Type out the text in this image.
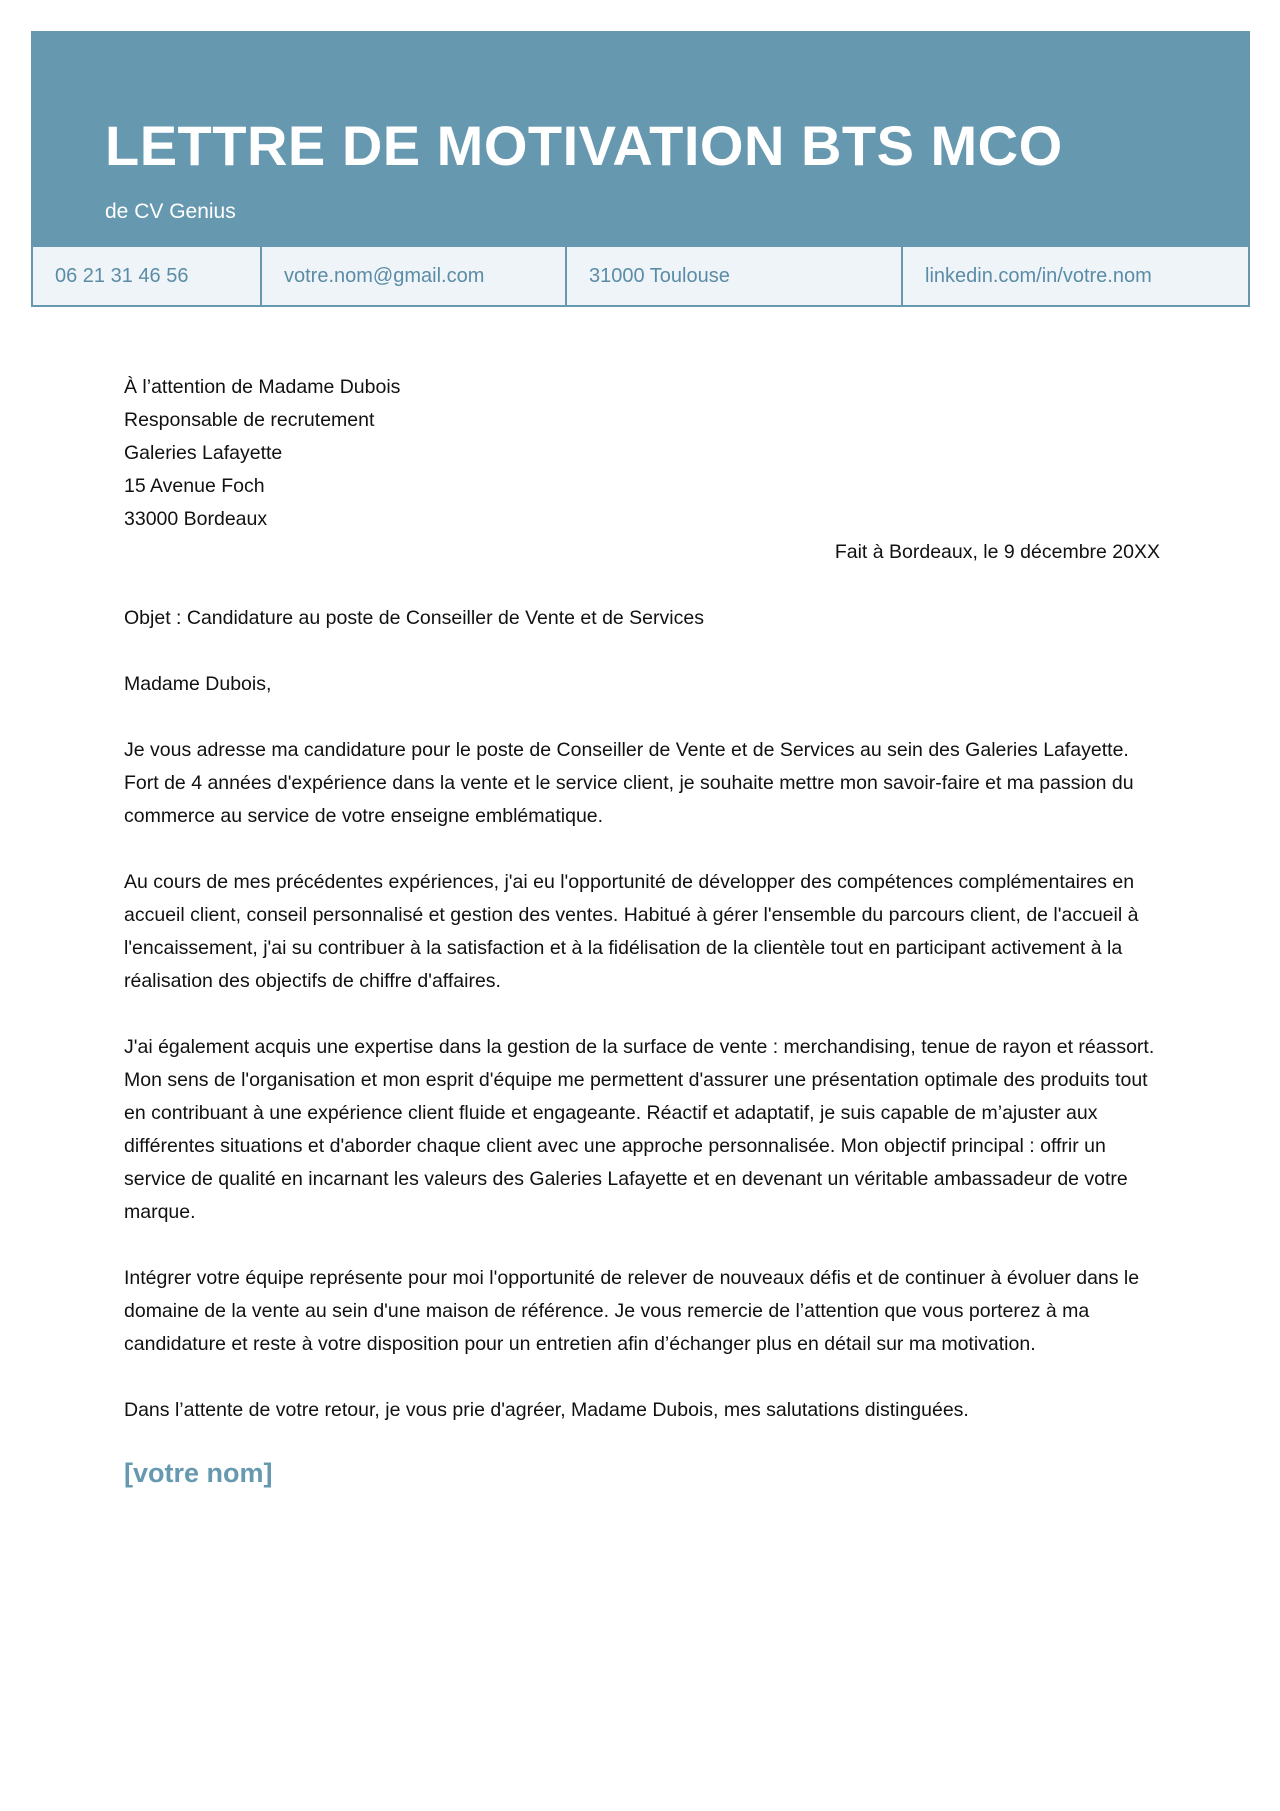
LETTRE DE MOTIVATION BTS MCO
de CV Genius
06 21 31 46 56	votre.nom@gmail.com	31000 Toulouse	linkedin.com/in/votre.nom
À l’attention de Madame Dubois
Responsable de recrutement
Galeries Lafayette
15 Avenue Foch
33000 Bordeaux
Fait à Bordeaux, le 9 décembre 20XX
Objet : Candidature au poste de Conseiller de Vente et de Services
Madame Dubois,

Je vous adresse ma candidature pour le poste de Conseiller de Vente et de Services au sein des Galeries Lafayette. Fort de 4 années d'expérience dans la vente et le service client, je souhaite mettre mon savoir-faire et ma passion du commerce au service de votre enseigne emblématique.

Au cours de mes précédentes expériences, j'ai eu l'opportunité de développer des compétences complémentaires en accueil client, conseil personnalisé et gestion des ventes. Habitué à gérer l'ensemble du parcours client, de l'accueil à l'encaissement, j'ai su contribuer à la satisfaction et à la fidélisation de la clientèle tout en participant activement à la réalisation des objectifs de chiffre d'affaires.

J'ai également acquis une expertise dans la gestion de la surface de vente : merchandising, tenue de rayon et réassort. Mon sens de l'organisation et mon esprit d'équipe me permettent d'assurer une présentation optimale des produits tout en contribuant à une expérience client fluide et engageante. Réactif et adaptatif, je suis capable de m’ajuster aux différentes situations et d'aborder chaque client avec une approche personnalisée. Mon objectif principal : offrir un service de qualité en incarnant les valeurs des Galeries Lafayette et en devenant un véritable ambassadeur de votre marque.

Intégrer votre équipe représente pour moi l'opportunité de relever de nouveaux défis et de continuer à évoluer dans le domaine de la vente au sein d'une maison de référence. Je vous remercie de l’attention que vous porterez à ma candidature et reste à votre disposition pour un entretien afin d’échanger plus en détail sur ma motivation.

Dans l’attente de votre retour, je vous prie d'agréer, Madame Dubois, mes salutations distinguées.

[votre nom]
